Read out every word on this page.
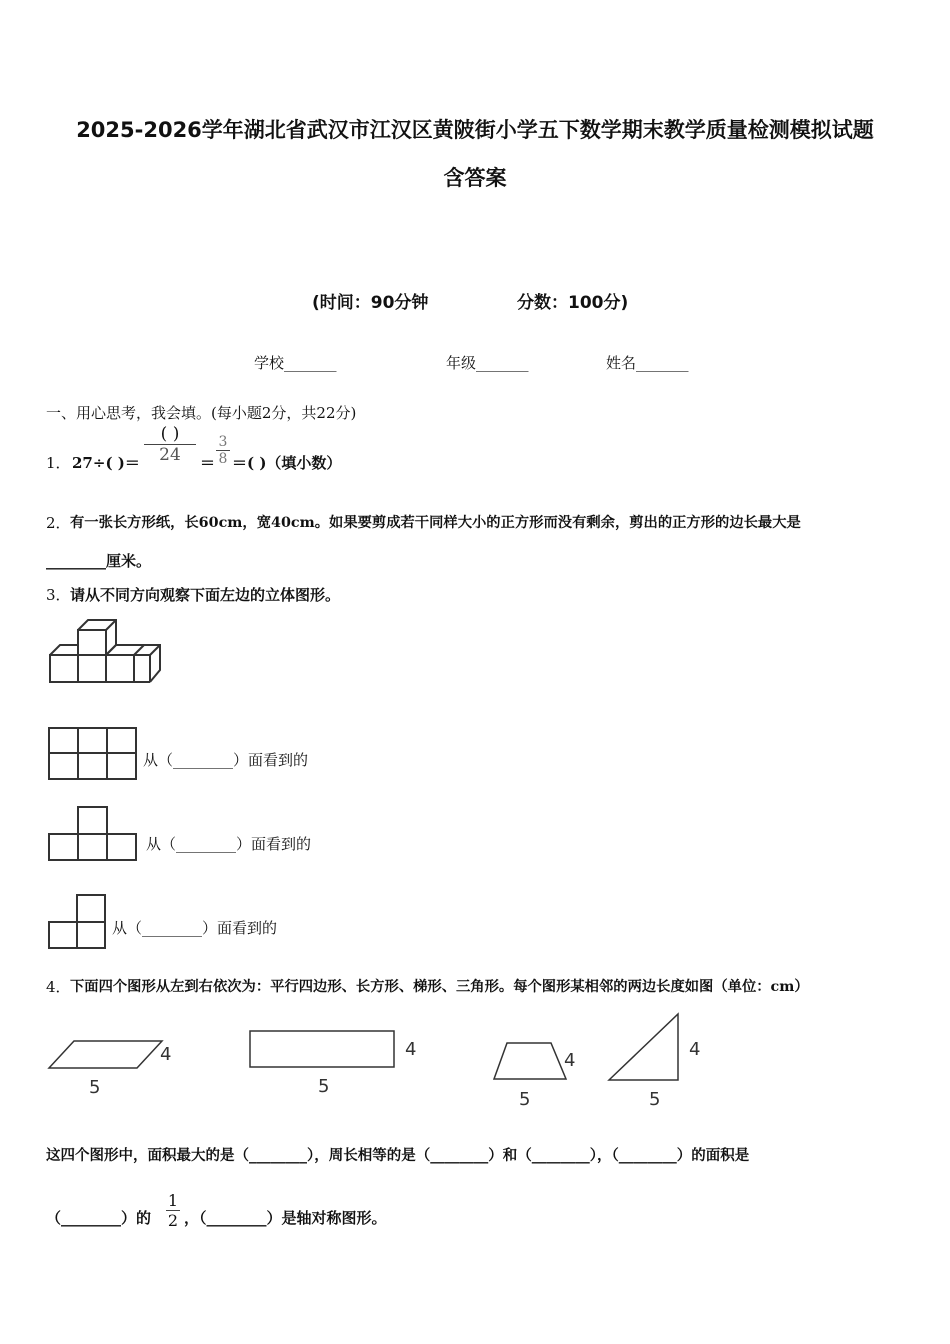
2025-2026学年湖北省武汉市江汉区黄陂街小学五下数学期末教学质量检测模拟试题
含答案
(时间：90分钟	分数：100分)
学校_______	年级_______	姓名_______
一、用心思考，我会填。(每小题2分，共22分)
1． 27÷( )＝
( )
24	＝
3
8 ＝( )（填小数）
2． 有一张长方形纸，长60cm，宽40cm。如果要剪成若干同样大小的正方形而没有剩余，剪出的正方形的边长最大是
________厘米。
3． 请从不同方向观察下面左边的立体图形。
从（________）面看到的
从（________）面看到的
从（________）面看到的
4． 下面四个图形从左到右依次为：平行四边形、长方形、梯形、三角形。每个图形某相邻的两边长度如图（单位：cm）
4
5
4
5
4
5
4
5
这四个图形中，面积最大的是（________），周长相等的是（________）和（________），（________）的面积是
（________）的
1
2 ，（________）是轴对称图形。
